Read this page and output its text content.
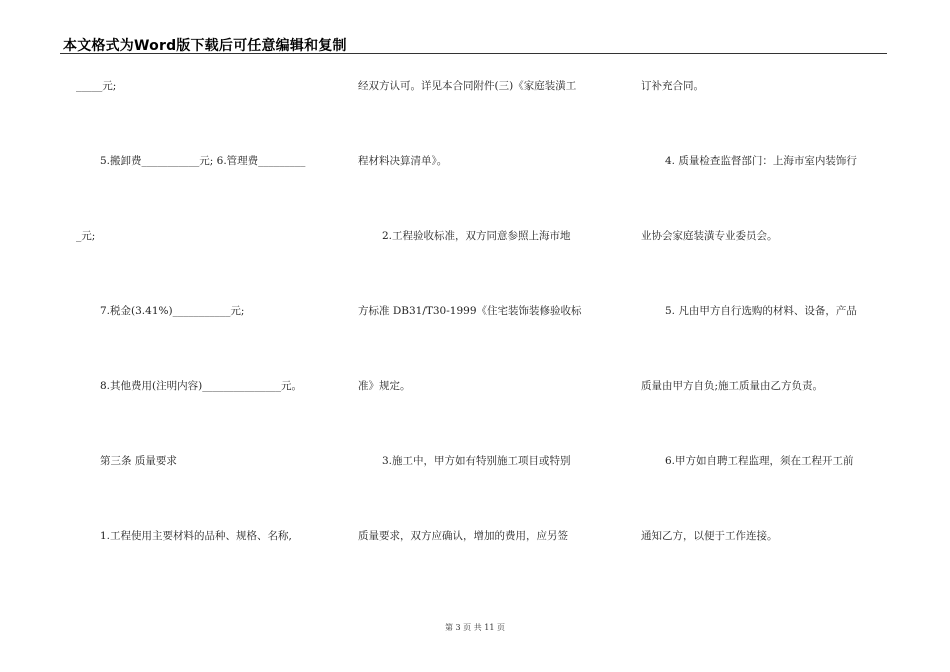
本文格式为Word版下载后可任意编辑和复制
_____元;
5.搬卸费___________元; 6.管理费_________
_元;
7.税金(3.41%)___________元;
8.其他费用(注明内容)_______________元。
第三条 质量要求
1.工程使用主要材料的品种、规格、名称,
经双方认可。详见本合同附件(三)《家庭装潢工
程材料决算清单》。
2.工程验收标准，双方同意参照上海市地
方标准 DB31/T30-1999《住宅装饰装修验收标
准》规定。
3.施工中，甲方如有特别施工项目或特别
质量要求，双方应确认，增加的费用，应另签
订补充合同。
4. 质量检查监督部门：上海市室内装饰行
业协会家庭装潢专业委员会。
5. 凡由甲方自行选购的材料、设备，产品
质量由甲方自负;施工质量由乙方负责。
6.甲方如自聘工程监理，须在工程开工前
通知乙方，以便于工作连接。
第 3 页 共 11 页
